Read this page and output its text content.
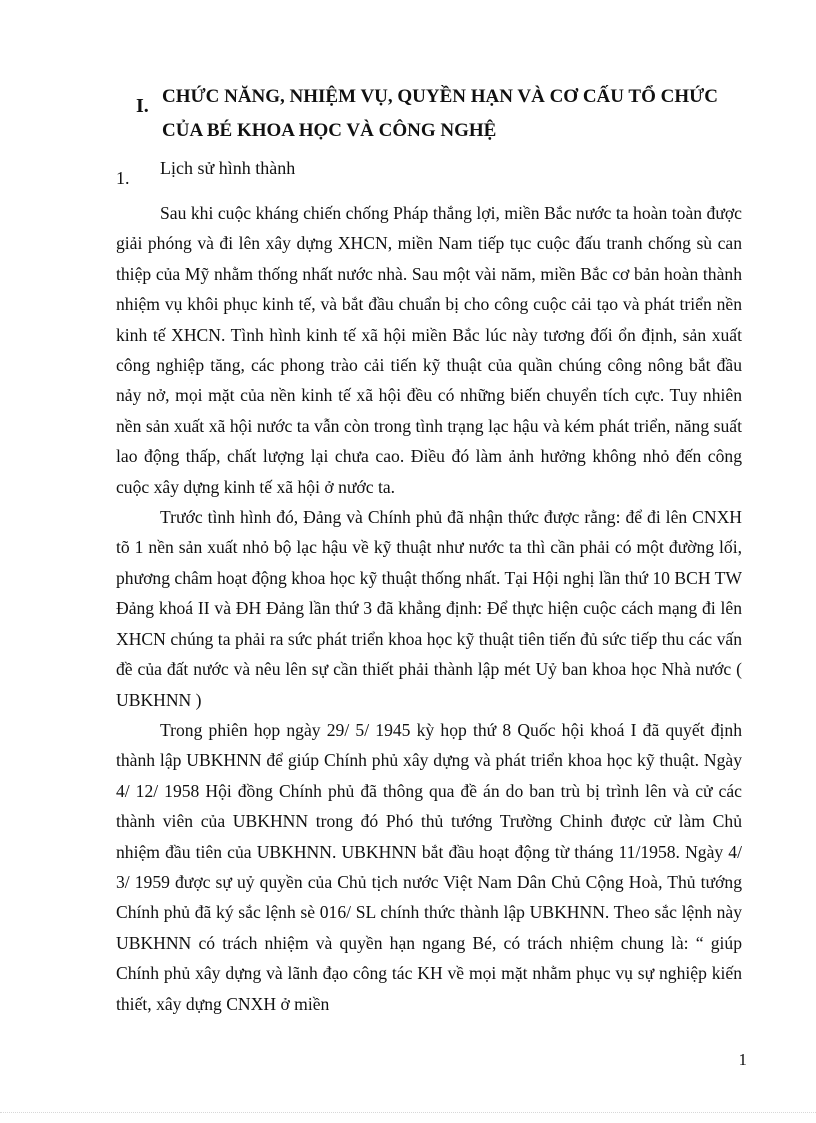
I. CHỨC NĂNG, NHIỆM VỤ, QUYỀN HẠN VÀ CƠ CẤU TỔ CHỨC
CỦA BÉ KHOA HỌC VÀ CÔNG NGHỆ
1. Lịch sử hình thành

Sau khi cuộc kháng chiến chống Pháp thắng lợi, miền Bắc nước ta hoàn toàn được giải phóng và đi lên xây dựng XHCN, miền Nam tiếp tục cuộc đấu tranh chống sù can thiệp của Mỹ nhằm thống nhất nước nhà. Sau một vài năm, miền Bắc cơ bản hoàn thành nhiệm vụ khôi phục kinh tế, và bắt đầu chuẩn bị cho công cuộc cải tạo và phát triển nền kinh tế XHCN. Tình hình kinh tế xã hội miền Bắc lúc này tương đối ổn định, sản xuất công nghiệp tăng, các phong trào cải tiến kỹ thuật của quần chúng công nông bắt đầu nảy nở, mọi mặt của nền kinh tế xã hội đều có những biến chuyển tích cực. Tuy nhiên nền sản xuất xã hội nước ta vẫn còn trong tình trạng lạc hậu và kém phát triển, năng suất lao động thấp, chất lượng lại chưa cao. Điều đó làm ảnh hưởng không nhỏ đến công cuộc xây dựng kinh tế xã hội ở nước ta.

Trước tình hình đó, Đảng và Chính phủ đã nhận thức được rằng: để đi lên CNXH tõ 1 nền sản xuất nhỏ bộ lạc hậu về kỹ thuật như nước ta thì cần phải có một đường lối, phương châm hoạt động khoa học kỹ thuật thống nhất. Tại Hội nghị lần thứ 10 BCH TW Đảng khoá II và ĐH Đảng lần thứ 3 đã khẳng định: Để thực hiện cuộc cách mạng đi lên XHCN chúng ta phải ra sức phát triển khoa học kỹ thuật tiên tiến đủ sức tiếp thu các vấn đề của đất nước và nêu lên sự cần thiết phải thành lập mét Uỷ ban khoa học Nhà nước ( UBKHNN )

Trong phiên họp ngày 29/ 5/ 1945 kỳ họp thứ 8 Quốc hội khoá I đã quyết định thành lập UBKHNN để giúp Chính phủ xây dựng và phát triển khoa học kỹ thuật. Ngày 4/ 12/ 1958 Hội đồng Chính phủ đã thông qua đề án do ban trù bị trình lên và cử các thành viên của UBKHNN trong đó Phó thủ tướng Trường Chinh được cử làm Chủ nhiệm đầu tiên của UBKHNN. UBKHNN bắt đầu hoạt động từ tháng 11/1958. Ngày 4/ 3/ 1959 được sự uỷ quyền của Chủ tịch nước Việt Nam Dân Chủ Cộng Hoà, Thủ tướng Chính phủ đã ký sắc lệnh sè 016/ SL chính thức thành lập UBKHNN. Theo sắc lệnh này UBKHNN có trách nhiệm và quyền hạn ngang Bé, có trách nhiệm chung là: “ giúp Chính phủ xây dựng và lãnh đạo công tác KH về mọi mặt nhằm phục vụ sự nghiệp kiến thiết, xây dựng CNXH ở miền

1
